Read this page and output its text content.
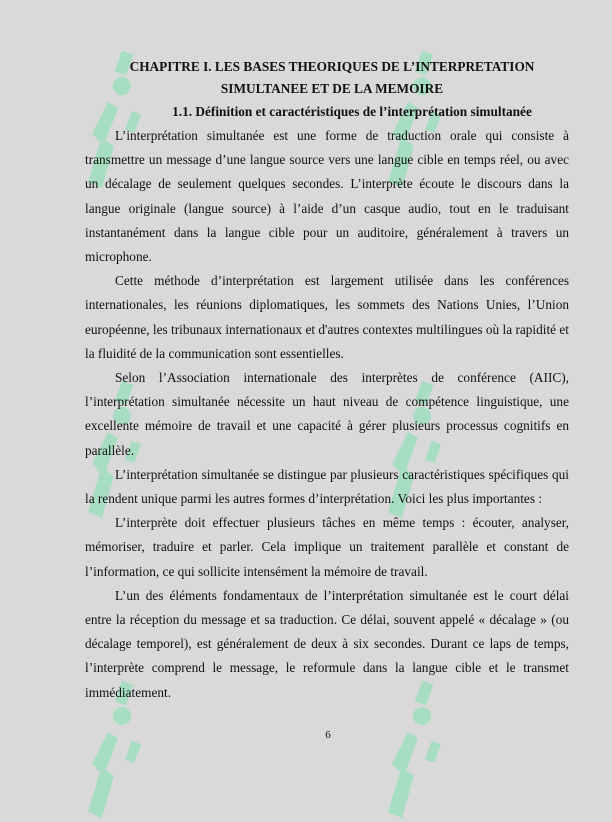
CHAPITRE I. LES BASES THEORIQUES DE L’INTERPRETATION

SIMULTANEE ET DE LA MEMOIRE

1.1. Définition et caractéristiques de l’interprétation simultanée

L’interprétation simultanée est une forme de traduction orale qui consiste à transmettre un message d’une langue source vers une langue cible en temps réel, ou avec un décalage de seulement quelques secondes. L’interprète écoute le discours dans la langue originale (langue source) à l’aide d’un casque audio, tout en le traduisant instantanément dans la langue cible pour un auditoire, généralement à travers un microphone.

Cette méthode d’interprétation est largement utilisée dans les conférences internationales, les réunions diplomatiques, les sommets des Nations Unies, l’Union européenne, les tribunaux internationaux et d'autres contextes multilingues où la rapidité et la fluidité de la communication sont essentielles.

Selon l’Association internationale des interprètes de conférence (AIIC), l’interprétation simultanée nécessite un haut niveau de compétence linguistique, une excellente mémoire de travail et une capacité à gérer plusieurs processus cognitifs en parallèle.

L’interprétation simultanée se distingue par plusieurs caractéristiques spécifiques qui la rendent unique parmi les autres formes d’interprétation. Voici les plus importantes :

L’interprète doit effectuer plusieurs tâches en même temps : écouter, analyser, mémoriser, traduire et parler. Cela implique un traitement parallèle et constant de l’information, ce qui sollicite intensément la mémoire de travail.

L’un des éléments fondamentaux de l’interprétation simultanée est le court délai entre la réception du message et sa traduction. Ce délai, souvent appelé « décalage » (ou décalage temporel), est généralement de deux à six secondes. Durant ce laps de temps, l’interprète comprend le message, le reformule dans la langue cible et le transmet immédiatement.

6
